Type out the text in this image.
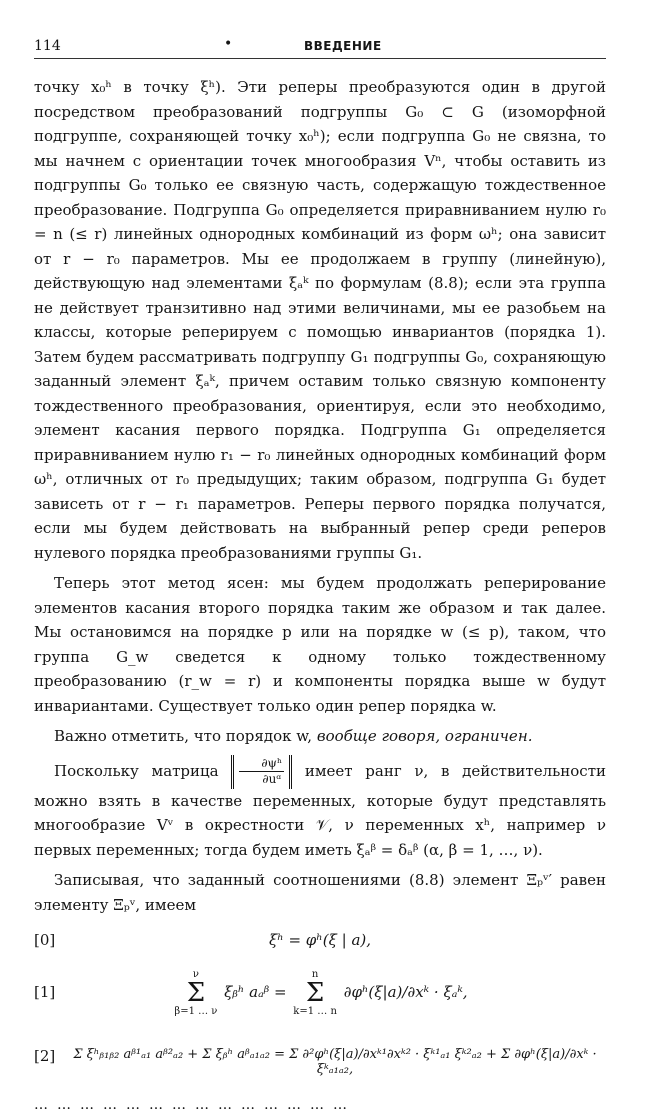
114	•	ВВЕДЕНИЕ

точку x₀ʰ в точку ξʰ). Эти реперы преобразуются один в другой посредством преобразований подгруппы G₀ ⊂ G (изоморфной подгруппе, сохраняющей точку x₀ʰ); если подгруппа G₀ не связна, то мы начнем с ориентации точек многообразия Vⁿ, чтобы оставить из подгруппы G₀ только ее связную часть, содержащую тождественное преобразование. Подгруппа G₀ определяется приравниванием нулю r₀ = n (≤ r) линейных однородных комбинаций из форм ωʰ; она зависит от r − r₀ параметров. Мы ее продолжаем в группу (линейную), действующую над элементами ξₐᵏ по формулам (8.8); если эта группа не действует транзитивно над этими величинами, мы ее разобьем на классы, которые реперируем с помощью инвариантов (порядка 1). Затем будем рассматривать подгруппу G₁ подгруппы G₀, сохраняющую заданный элемент ξₐᵏ, причем оставим только связную компоненту тождественного преобразования, ориентируя, если это необходимо, элемент касания первого порядка. Подгруппа G₁ определяется приравниванием нулю r₁ − r₀ линейных однородных комбинаций форм ωʰ, отличных от r₀ предыдущих; таким образом, подгруппа G₁ будет зависеть от r − r₁ параметров. Реперы первого порядка получатся, если мы будем действовать на выбранный репер среди реперов нулевого порядка преобразованиями группы G₁.

Теперь этот метод ясен: мы будем продолжать реперирование элементов касания второго порядка таким же образом и так далее. Мы остановимся на порядке p или на порядке w (≤ p), таком, что группа G_w сведется к одному только тождественному преобразованию (r_w = r) и компоненты порядка выше w будут инвариантами. Существует только один репер порядка w.

Важно отметить, что порядок w, вообще говоря, ограничен.

Поскольку матрица $\frac{\text{∂ψʰ}}{\text{∂uᵅ}}$ имеет ранг ν, в действительности можно взять в качестве переменных, которые будут представлять многообразие Vᵛ в окрестности 𝒱, ν переменных xʰ, например ν первых переменных; тогда будем иметь ξₐᵝ = δₐᵝ (α, β = 1, …, ν).

Записывая, что заданный соотношениями (8.8) элемент Ξₚᵛ′ равен элементу Ξₚᵛ, имеем

[0]	ξʰ = φʰ(ξ | a),
[1]
ν
Σ
β=1 … ν
ξᵦʰ aₐᵝ =
n
Σ
k=1 … n
∂φʰ(ξ|a)/∂xᵏ · ξₐᵏ,
[2]	Σ ξʰᵦ₁ᵦ₂ aᵝ¹ₐ₁ aᵝ²ₐ₂ + Σ ξᵦʰ aᵝₐ₁ₐ₂ = Σ ∂²φʰ(ξ|a)/∂xᵏ¹∂xᵏ² · ξᵏ¹ₐ₁ ξᵏ²ₐ₂ + Σ ∂φʰ(ξ|a)/∂xᵏ · ξᵏₐ₁ₐ₂,
……………………………………
